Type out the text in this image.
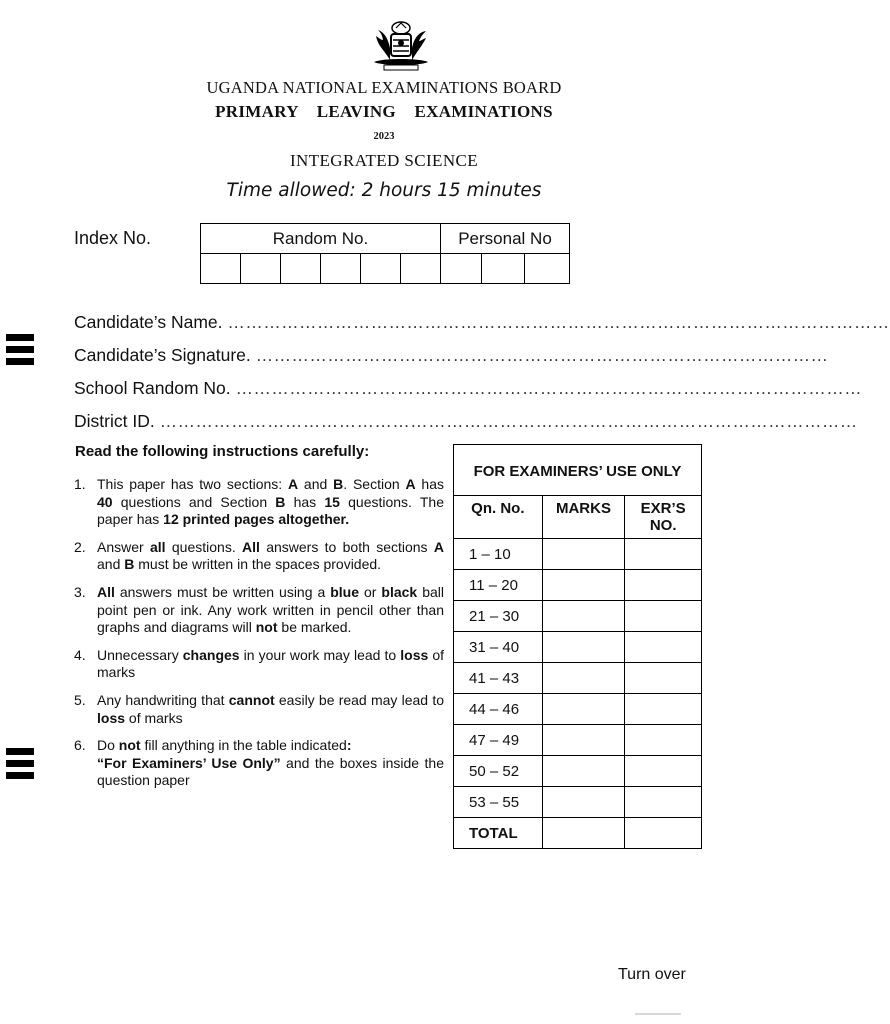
UGANDA NATIONAL EXAMINATIONS BOARD
PRIMARY LEAVING EXAMINATIONS
2023
INTEGRATED SCIENCE
Time allowed: 2 hours 15 minutes
Index No.	Random No.						Personal No		

Candidate’s Name. …………………………………………………………………………………………………
Candidate’s Signature. ……………………………………………………………………………………
School Random No. ……………………………………………………………………………………………
District ID. ………………………………………………………………………………………………………
Read the following instructions carefully:
1. This paper has two sections: A and B. Section A has 40 questions and Section B has 15 questions. The paper has 12 printed pages altogether.
2. Answer all questions. All answers to both sections A and B must be written in the spaces provided.
3. All answers must be written using a blue or black ball point pen or ink. Any work written in pencil other than graphs and diagrams will not be marked.
4. Unnecessary changes in your work may lead to loss of marks
5. Any handwriting that cannot easily be read may lead to loss of marks
6. Do not fill anything in the table indicated:
“For Examiners’ Use Only” and the boxes inside the question paper
FOR EXAMINERS’ USE ONLY		
Qn. No.	MARKS	EXR’S NO.
1 – 10		
11 – 20		
21 – 30		
31 – 40		
41 – 43		
44 – 46		
47 – 49		
50 – 52		
53 – 55		
TOTAL		
Turn over
